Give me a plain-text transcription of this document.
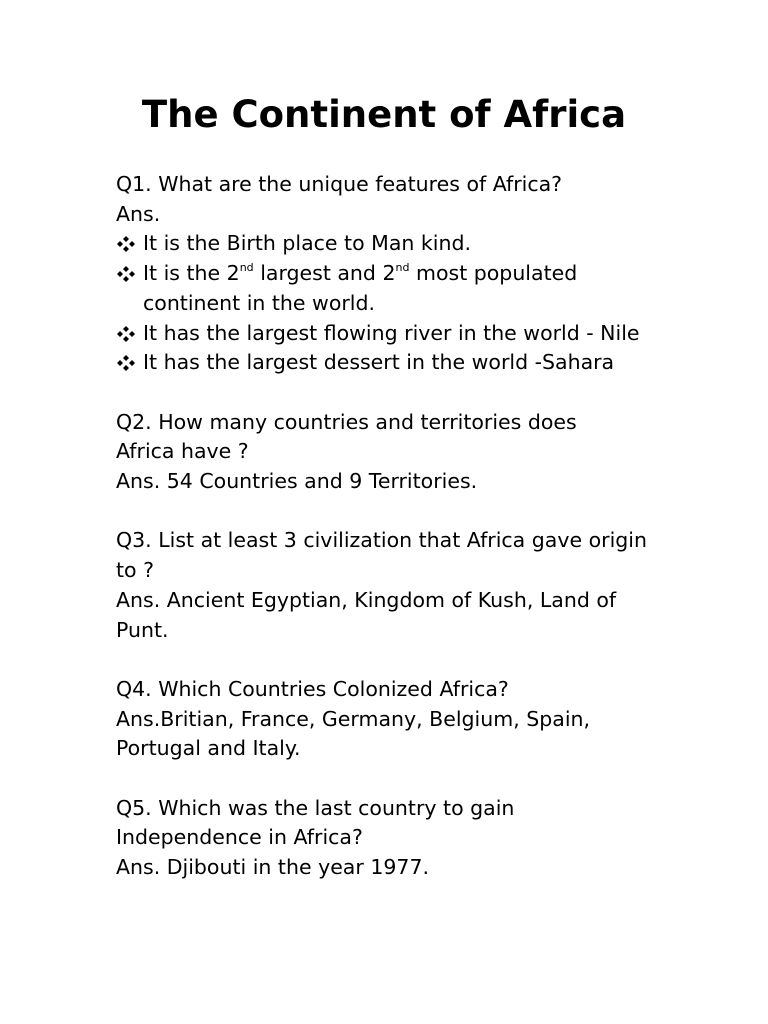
The Continent of Africa
Q1. What are the unique features of Africa?
Ans.
It is the Birth place to Man kind.
It is the 2nd largest and 2nd most populated
continent in the world.
It has the largest flowing river in the world - Nile
It has the largest dessert in the world -Sahara
Q2. How many countries and territories does
Africa have ?
Ans. 54 Countries and 9 Territories.
Q3. List at least 3 civilization that Africa gave origin
to ?
Ans. Ancient Egyptian, Kingdom of Kush, Land of
Punt.
Q4. Which Countries Colonized Africa?
Ans.Britian, France, Germany, Belgium, Spain,
Portugal and Italy.
Q5. Which was the last country to gain
Independence in Africa?
Ans. Djibouti in the year 1977.
